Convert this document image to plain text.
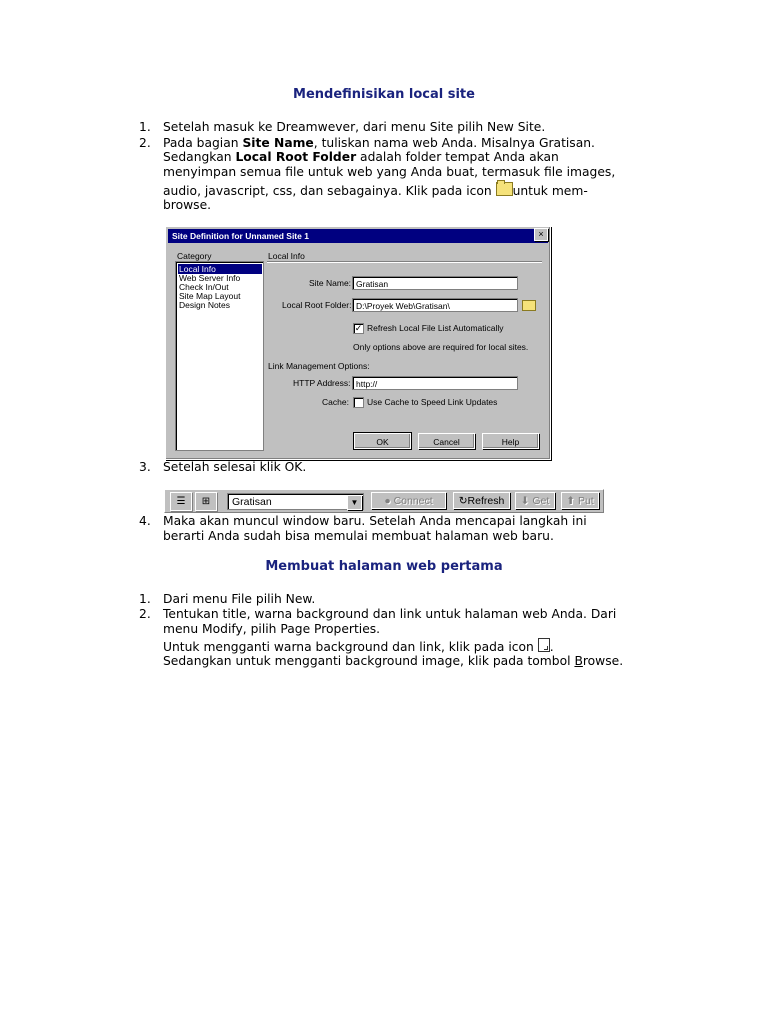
Mendefinisikan local site
1. Setelah masuk ke Dreamwever, dari menu Site pilih New Site.
2. Pada bagian Site Name, tuliskan nama web Anda. Misalnya Gratisan.
Sedangkan Local Root Folder adalah folder tempat Anda akan
menyimpan semua file untuk web yang Anda buat, termasuk file images,
audio, javascript, css, dan sebagainya. Klik pada icon untuk mem-
browse.
Site Definition for Unnamed Site 1	×
Category	Local Info
Local Info
Web Server Info
Check In/Out
Site Map Layout
Design Notes
Site Name: Gratisan
Local Root Folder: D:\Proyek Web\Gratisan\
✓ Refresh Local File List Automatically
Only options above are required for local sites.
Link Management Options:
HTTP Address: http://
Cache: Use Cache to Speed Link Updates
OK	Cancel	Help
3. Setelah selesai klik OK.
☰	⊞	Gratisan	▼	● Connect	↻Refresh	⬇ Get	⬆ Put
4. Maka akan muncul window baru. Setelah Anda mencapai langkah ini
berarti Anda sudah bisa memulai membuat halaman web baru.
Membuat halaman web pertama
1. Dari menu File pilih New.
2. Tentukan title, warna background dan link untuk halaman web Anda. Dari
menu Modify, pilih Page Properties.
Untuk mengganti warna background dan link, klik pada icon .
Sedangkan untuk mengganti background image, klik pada tombol Browse.
